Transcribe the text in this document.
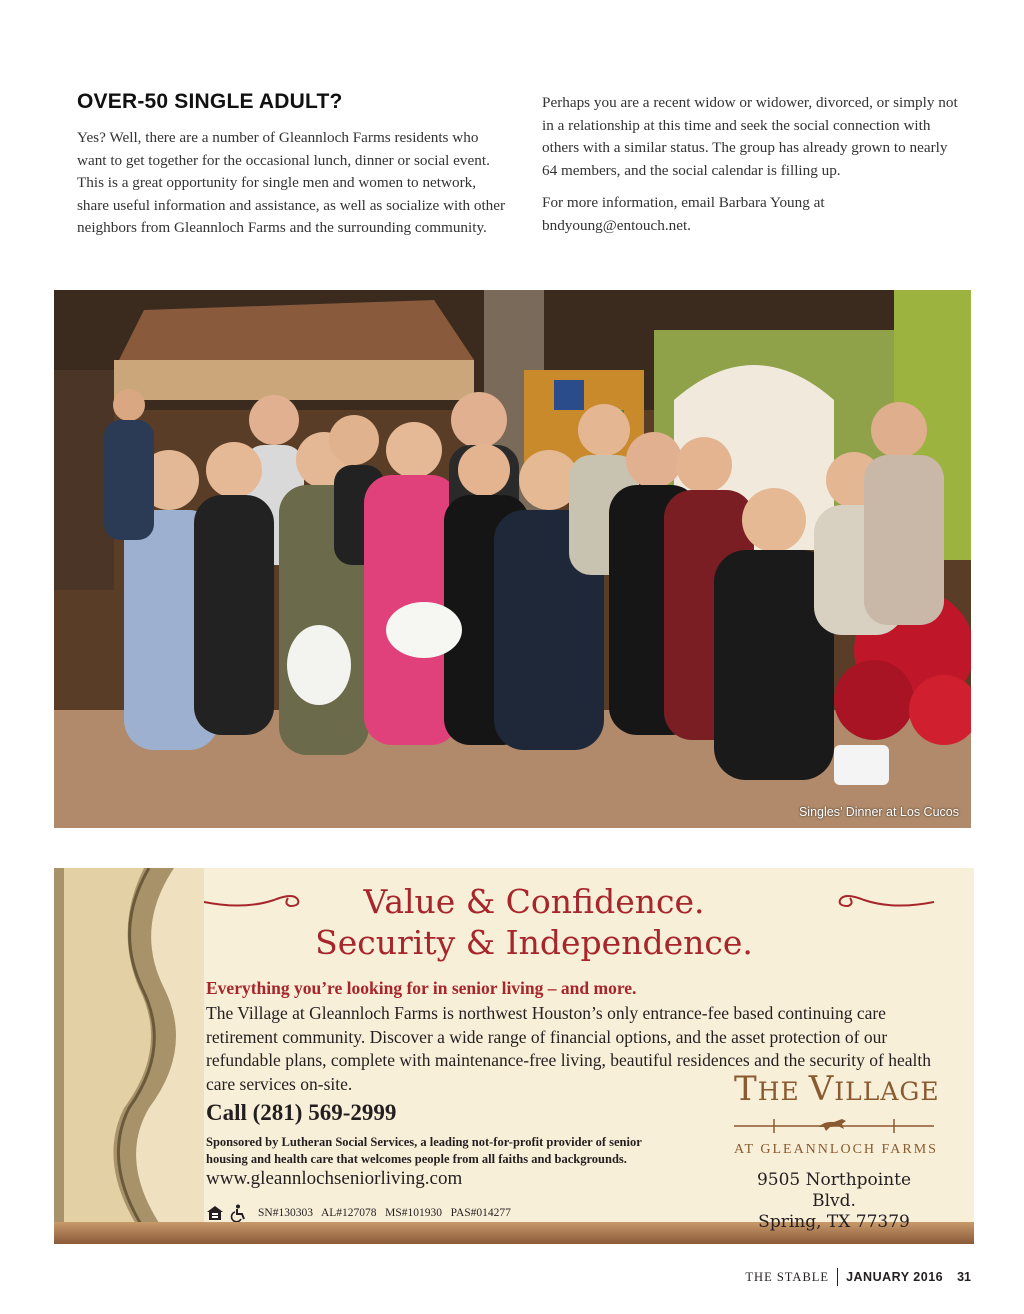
OVER-50 SINGLE ADULT?

Yes? Well, there are a number of Gleannloch Farms residents who want to get together for the occasional lunch, dinner or social event. This is a great opportunity for single men and women to network, share useful information and assistance, as well as socialize with other neighbors from Gleannloch Farms and the surrounding community.

Perhaps you are a recent widow or widower, divorced, or simply not in a relationship at this time and seek the social connection with others with a similar status. The group has already grown to nearly 64 members, and the social calendar is filling up.

For more information, email Barbara Young at bndyoung@entouch.net.

Singles’ Dinner at Los Cucos
Value & Confidence.
Security & Independence.
Everything you’re looking for in senior living – and more.
The Village at Gleannloch Farms is northwest Houston’s only entrance-fee based continuing care retirement community. Discover a wide range of financial options, and the asset protection of our refundable plans, complete with maintenance-free living, beautiful residences and the security of health care services on-site.
Call (281) 569-2999
Sponsored by Lutheran Social Services, a leading not-for-profit provider of senior housing and health care that welcomes people from all faiths and backgrounds.
www.gleannlochseniorliving.com
SN#130303   AL#127078   MS#101930   PAS#014277
THE VILLAGE
AT GLEANNLOCH FARMS
9505 Northpointe Blvd.
Spring, TX 77379
THE STABLE JANUARY 2016 31
